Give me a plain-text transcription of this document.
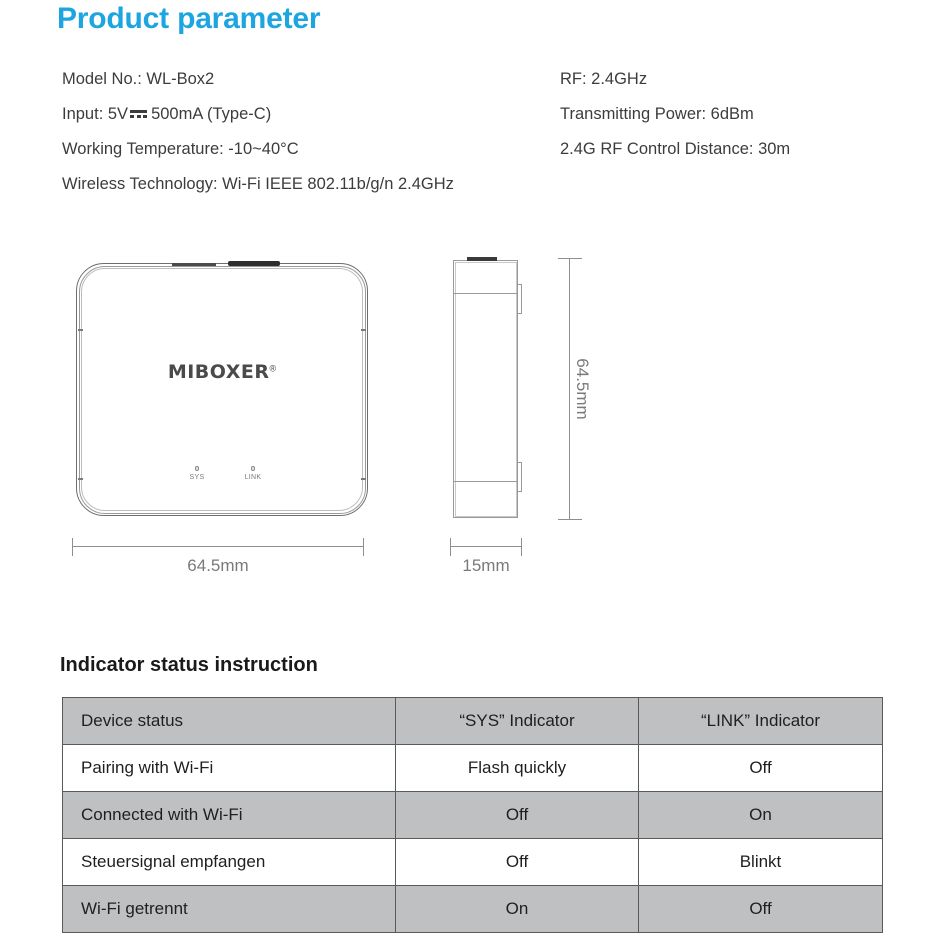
Product parameter
Model No.: WL-Box2
Input: 5V 500mA (Type-C)
Working Temperature: -10~40°C
Wireless Technology: Wi-Fi IEEE 802.11b/g/n 2.4GHz
RF: 2.4GHz
Transmitting Power: 6dBm
2.4G RF Control Distance: 30m
MIBOXER®
SYS	LINK
64.5mm	15mm
64.5mm
Indicator status instruction
Device status	“SYS” Indicator	“LINK” Indicator
Pairing with Wi-Fi	Flash quickly	Off
Connected with Wi-Fi	Off	On
Steuersignal empfangen	Off	Blinkt
Wi-Fi getrennt	On	Off
